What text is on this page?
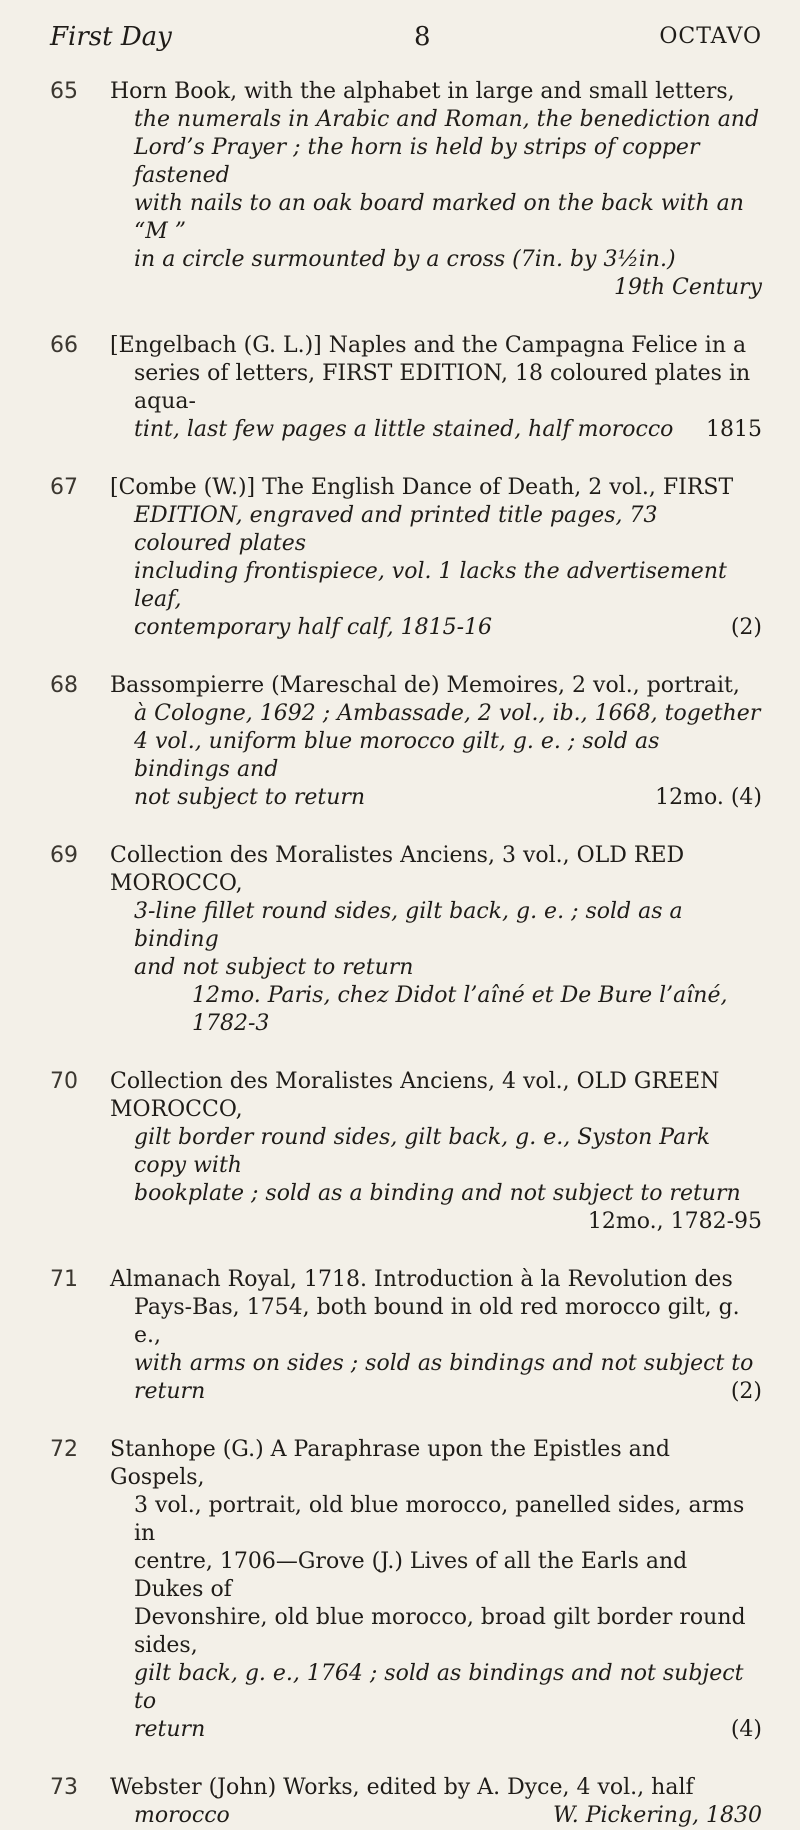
First Day	8	OCTAVO
65	Horn Book, with the alphabet in large and small letters,
the numerals in Arabic and Roman, the benediction and
Lord’s Prayer ; the horn is held by strips of copper fastened
with nails to an oak board marked on the back with an “M ”
in a circle surmounted by a cross (7in. by 3½in.)
19th Century
66	[Engelbach (G. L.)] Naples and the Campagna Felice in a
series of letters, FIRST EDITION, 18 coloured plates in aqua-
tint, last few pages a little stained, half morocco 1815
67	[Combe (W.)] The English Dance of Death, 2 vol., FIRST
EDITION, engraved and printed title pages, 73 coloured plates
including frontispiece, vol. 1 lacks the advertisement leaf,
contemporary half calf, 1815-16	(2)
68	Bassompierre (Mareschal de) Memoires, 2 vol., portrait,
à Cologne, 1692 ; Ambassade, 2 vol., ib., 1668, together
4 vol., uniform blue morocco gilt, g. e. ; sold as bindings and
not subject to return	12mo. (4)
69	Collection des Moralistes Anciens, 3 vol., OLD RED MOROCCO,
3-line fillet round sides, gilt back, g. e. ; sold as a binding
and not subject to return
12mo. Paris, chez Didot l’aîné et De Bure l’aîné, 1782-3
70	Collection des Moralistes Anciens, 4 vol., OLD GREEN MOROCCO,
gilt border round sides, gilt back, g. e., Syston Park copy with
bookplate ; sold as a binding and not subject to return
12mo., 1782-95
71	Almanach Royal, 1718. Introduction à la Revolution des
Pays-Bas, 1754, both bound in old red morocco gilt, g. e.,
with arms on sides ; sold as bindings and not subject to
return	(2)
72	Stanhope (G.) A Paraphrase upon the Epistles and Gospels,
3 vol., portrait, old blue morocco, panelled sides, arms in
centre, 1706—Grove (J.) Lives of all the Earls and Dukes of
Devonshire, old blue morocco, broad gilt border round sides,
gilt back, g. e., 1764 ; sold as bindings and not subject to
return	(4)
73	Webster (John) Works, edited by A. Dyce, 4 vol., half
morocco	W. Pickering, 1830
